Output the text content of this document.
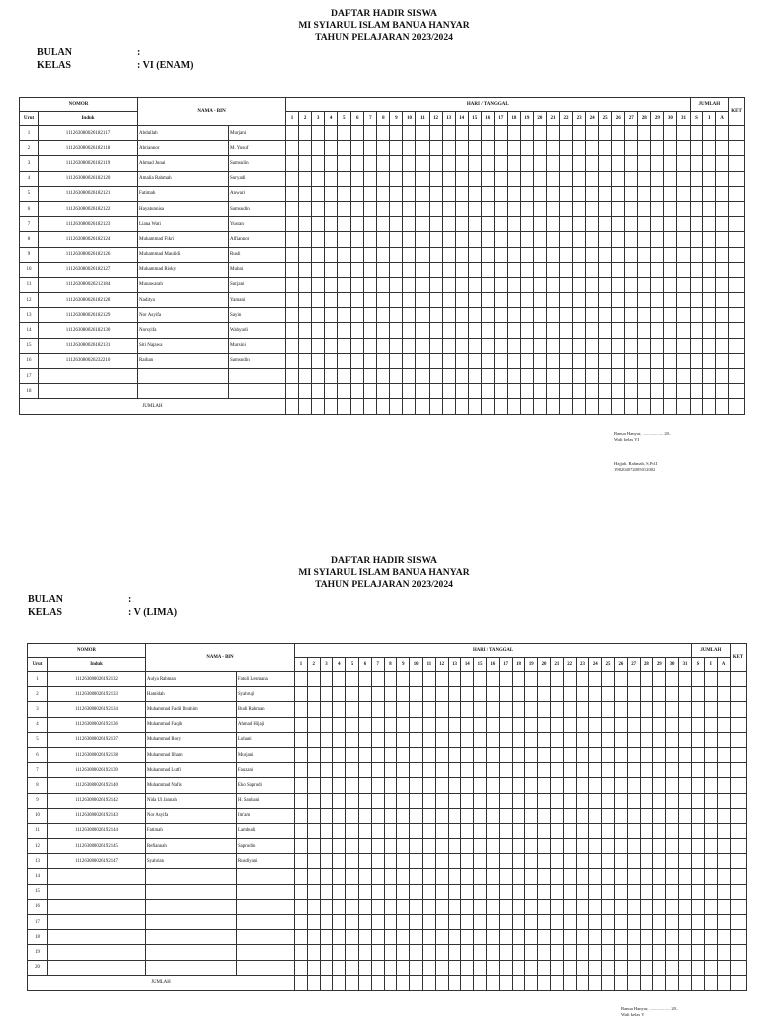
DAFTAR HADIR SISWA
MI SYIARUL ISLAM BANUA HANYAR
TAHUN PELAJARAN 2023/2024
BULAN	:
KELAS	: VI (ENAM)
NOMOR		NAMA - BIN		HARI / TANGGAL																															JUMLAH			KET
Urut	Induk			1	2	3	4	5	6	7	8	9	10	11	12	13	14	15	16	17	18	19	20	21	22	23	24	25	26	27	28	29	30	31	S	I	A	
1	111263080026182117	Abdullah	Murjani																																			
2	111263080026182118	Abriannor	M. Yusuf																																			
3	111263080026182119	Ahmad Junai	Samsulin																																			
4	111263080026182120	Amalia Rahmah	Suryadi																																			
5	111263080026182121	Fatimah	Anwari																																			
6	111263080026182122	Hayatunnisa	Samsudin																																			
7	111263080026182123	Liana Wati	Yusran																																			
8	111263080026182124	Muhammad Fikri	Alfiannor																																			
9	111263080026182126	Muhammad Maulidi	Rusli																																			
10	111263080026182127	Muhammad Risky	Muhni																																			
11	111263080026212184	Munawarah	Surjani																																			
12	111263080026182128	Naditya	Yamani																																			
13	111263080026182129	Nor Asyifa	Sayin																																			
14	111263080026182130	Norsyifa	Wahyudi																																			
15	111263080026182131	Siti Najawa	Mursini																																			
16	111263080026232210	Raihan	Samsudin																																			
17																																						
18																																						
JUMLAH																																						
Banua Hanyar, .................. 20..
Wali kelas VI
Hajjah. Rahmah, S.Pd.I
198204072005012002
DAFTAR HADIR SISWA
MI SYIARUL ISLAM BANUA HANYAR
TAHUN PELAJARAN 2023/2024
BULAN	:
KELAS	: V (LIMA)
NOMOR		NAMA - BIN		HARI / TANGGAL																															JUMLAH			KET
Urut	Induk			1	2	3	4	5	6	7	8	9	10	11	12	13	14	15	16	17	18	19	20	21	22	23	24	25	26	27	28	29	30	31	S	I	A	
1	111263080026192132	Aulya Rahman	Fatuli Lesmana																																			
2	111263080026192133	Hamidah	Syahruji																																			
3	111263080026192134	Muhammad Fadil Ibrahim	Budi Rahman																																			
4	111263080026192136	Muhammad Faqih	Ahmad Hijaji																																			
5	111263080026192137	Muhammad Rory	Luhani																																			
6	111263080026192138	Muhammad Ilham	Murjani																																			
7	111263080026192139	Muhammad Lutfi	Fauzani																																			
8	111263080026192140	Muhammad Nafis	Eko Saprudi																																			
9	111263080026192142	Nida Ul Jannah	H. Sanhani																																			
10	111263080026192143	Nor Asyifa	Im'am																																			
11	111263080026192144	Fatimah	Lambudi																																			
12	111263080026192145	Refiannah	Saprudin																																			
13	111263080026192147	Syahrian	Rusdiyani																																			
14																																						
15																																						
16																																						
17																																						
18																																						
19																																						
20																																						
JUMLAH																																						
Banua Hanyar, .................. 20..
Wali kelas V
